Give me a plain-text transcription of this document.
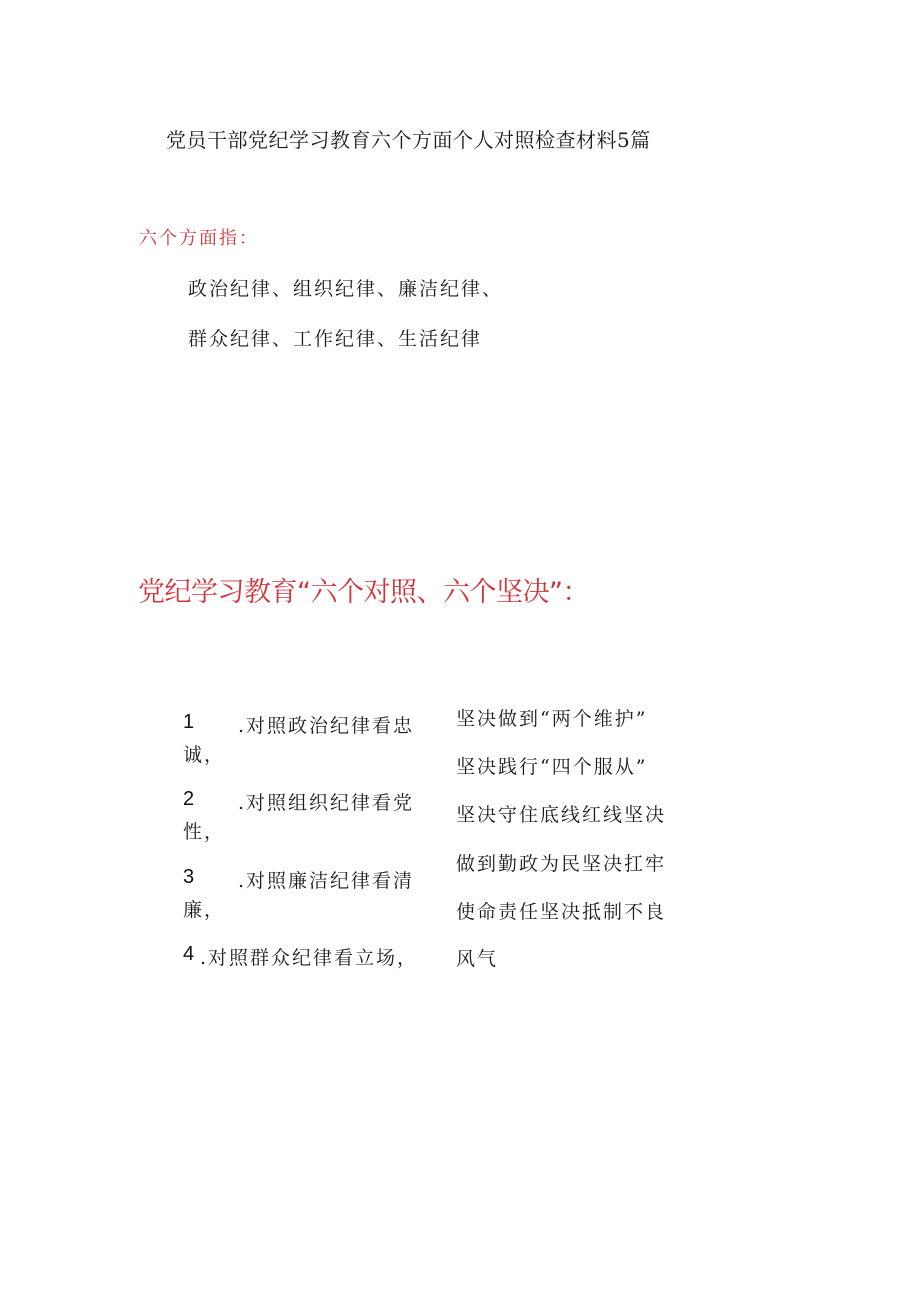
党员干部党纪学习教育六个方面个人对照检查材料5篇
六个方面指：
政治纪律、组织纪律、廉洁纪律、
群众纪律、工作纪律、生活纪律
党纪学习教育“六个对照、六个坚决”：
1 .对照政治纪律看忠
诚，
2 .对照组织纪律看党
性，
3 .对照廉洁纪律看清
廉，
4 .对照群众纪律看立场，
坚决做到“两个维护”
坚决践行“四个服从”
坚决守住底线红线坚决
做到勤政为民坚决扛牢
使命责任坚决抵制不良
风气
